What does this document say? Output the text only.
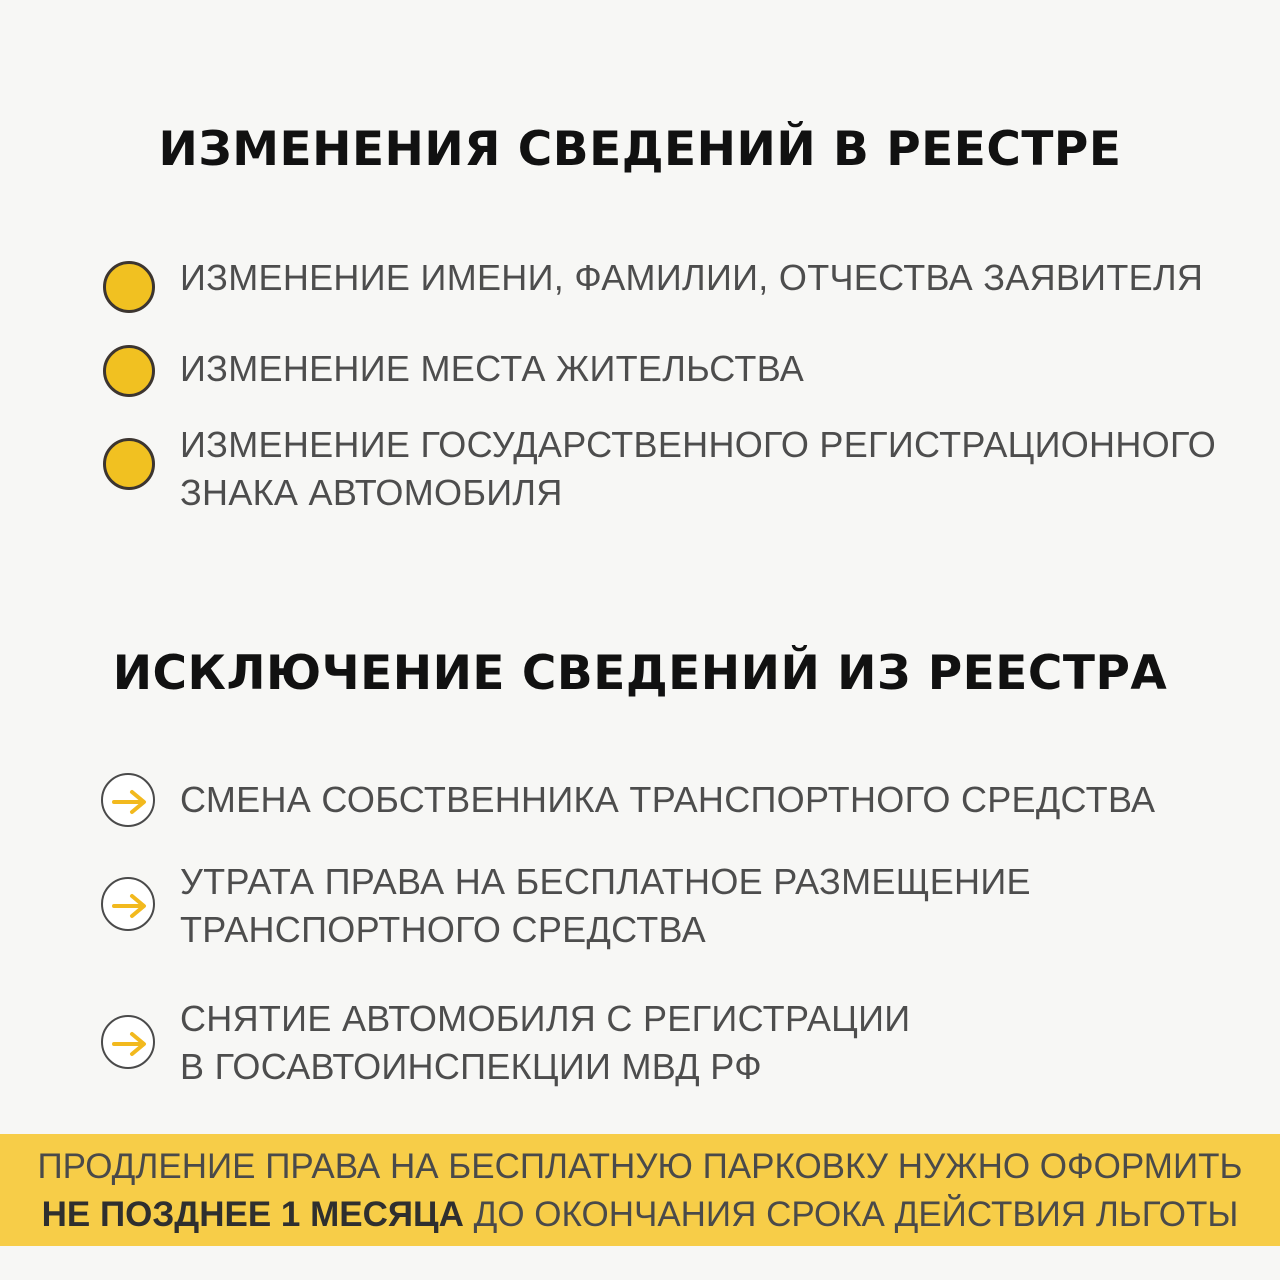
ИЗМЕНЕНИЯ СВЕДЕНИЙ В РЕЕСТРЕ
ИЗМЕНЕНИЕ ИМЕНИ, ФАМИЛИИ, ОТЧЕСТВА ЗАЯВИТЕЛЯ
ИЗМЕНЕНИЕ МЕСТА ЖИТЕЛЬСТВА
ИЗМЕНЕНИЕ ГОСУДАРСТВЕННОГО РЕГИСТРАЦИОННОГО
ЗНАКА АВТОМОБИЛЯ
ИСКЛЮЧЕНИЕ СВЕДЕНИЙ ИЗ РЕЕСТРА
СМЕНА СОБСТВЕННИКА ТРАНСПОРТНОГО СРЕДСТВА
УТРАТА ПРАВА НА БЕСПЛАТНОЕ РАЗМЕЩЕНИЕ
ТРАНСПОРТНОГО СРЕДСТВА
СНЯТИЕ АВТОМОБИЛЯ С РЕГИСТРАЦИИ
В ГОСАВТОИНСПЕКЦИИ МВД РФ
ПРОДЛЕНИЕ ПРАВА НА БЕСПЛАТНУЮ ПАРКОВКУ НУЖНО ОФОРМИТЬ
НЕ ПОЗДНЕЕ 1 МЕСЯЦА ДО ОКОНЧАНИЯ СРОКА ДЕЙСТВИЯ ЛЬГОТЫ
